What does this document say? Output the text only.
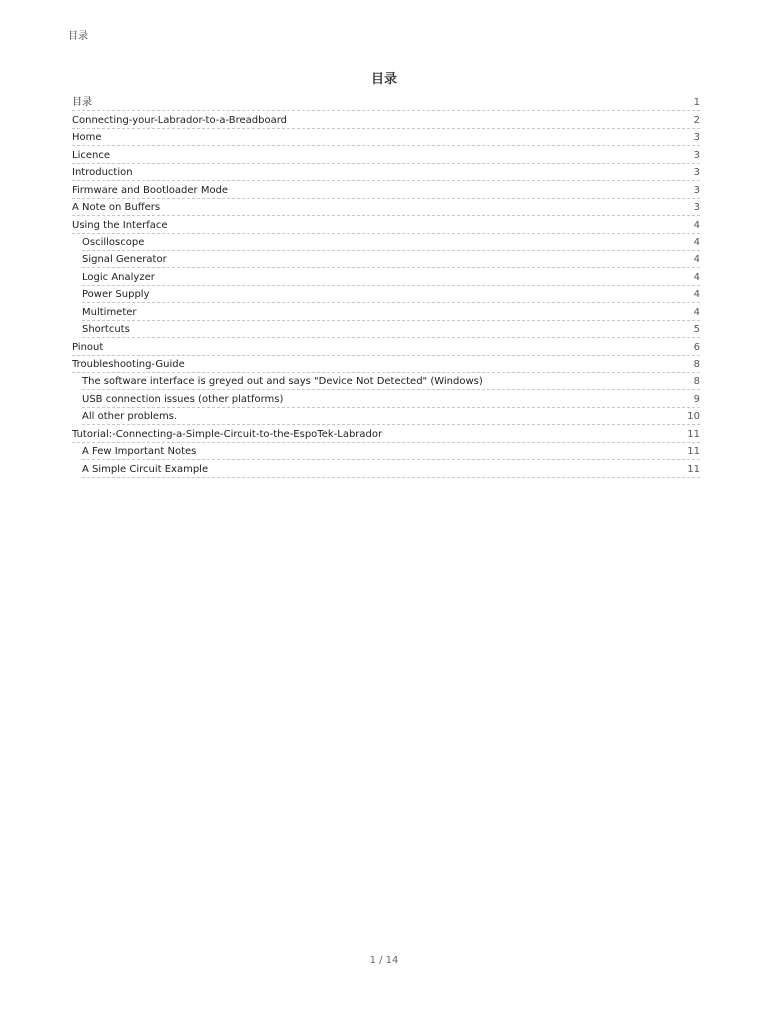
目录
目录
目录	1
Connecting-your-Labrador-to-a-Breadboard	2
Home	3
Licence	3
Introduction	3
Firmware and Bootloader Mode	3
A Note on Buffers	3
Using the Interface	4
Oscilloscope	4
Signal Generator	4
Logic Analyzer	4
Power Supply	4
Multimeter	4
Shortcuts	5
Pinout	6
Troubleshooting-Guide	8
The software interface is greyed out and says "Device Not Detected" (Windows)	8
USB connection issues (other platforms)	9
All other problems.	10
Tutorial:-Connecting-a-Simple-Circuit-to-the-EspoTek-Labrador	11
A Few Important Notes	11
A Simple Circuit Example	11
1 / 14
